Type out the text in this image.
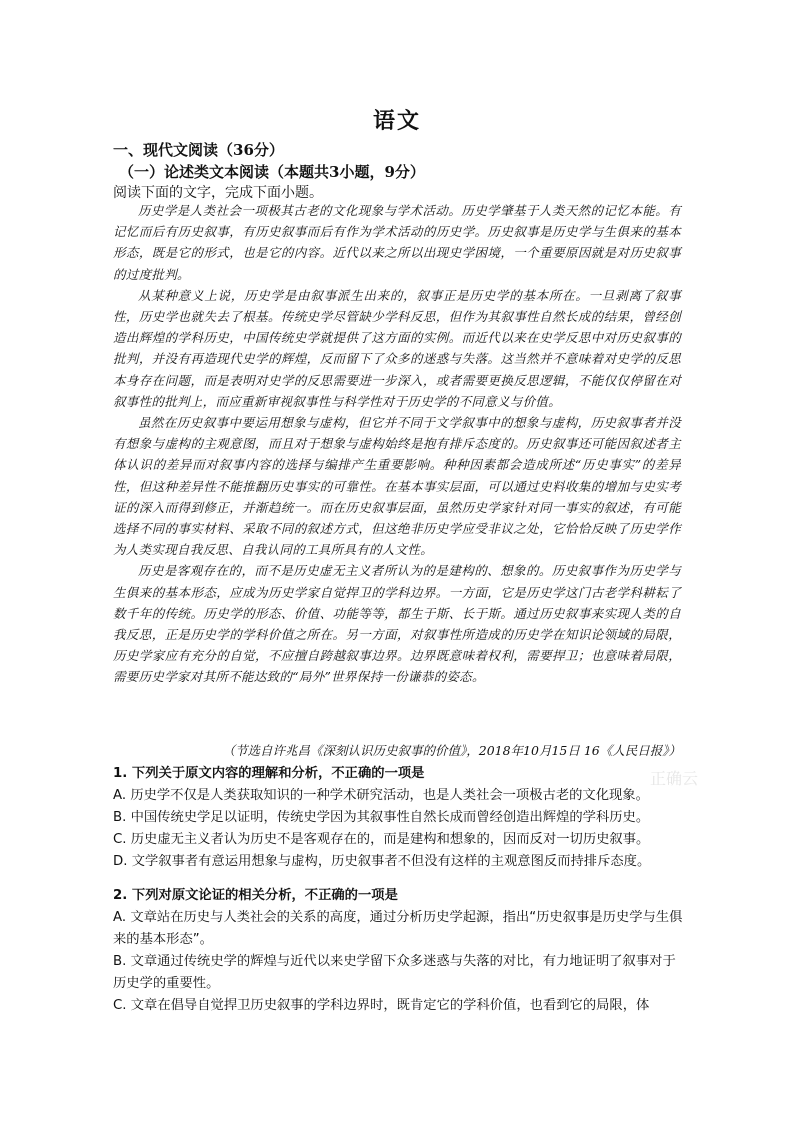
语文
一、现代文阅读（36分）
（一）论述类文本阅读（本题共3小题，9分）
阅读下面的文字，完成下面小题。

历史学是人类社会一项极其古老的文化现象与学术活动。历史学肇基于人类天然的记忆本能。有记忆而后有历史叙事，有历史叙事而后有作为学术活动的历史学。历史叙事是历史学与生俱来的基本形态，既是它的形式，也是它的内容。近代以来之所以出现史学困境，一个重要原因就是对历史叙事的过度批判。

从某种意义上说，历史学是由叙事派生出来的，叙事正是历史学的基本所在。一旦剥离了叙事性，历史学也就失去了根基。传统史学尽管缺少学科反思，但作为其叙事性自然长成的结果，曾经创造出辉煌的学科历史，中国传统史学就提供了这方面的实例。而近代以来在史学反思中对历史叙事的批判，并没有再造现代史学的辉煌，反而留下了众多的迷惑与失落。这当然并不意味着对史学的反思本身存在问题，而是表明对史学的反思需要进一步深入，或者需要更换反思逻辑，不能仅仅停留在对叙事性的批判上，而应重新审视叙事性与科学性对于历史学的不同意义与价值。

虽然在历史叙事中要运用想象与虚构，但它并不同于文学叙事中的想象与虚构，历史叙事者并没有想象与虚构的主观意图，而且对于想象与虚构始终是抱有排斥态度的。历史叙事还可能因叙述者主体认识的差异而对叙事内容的选择与编排产生重要影响。种种因素都会造成所述“历史事实”的差异性，但这种差异性不能推翻历史事实的可靠性。在基本事实层面，可以通过史料收集的增加与史实考证的深入而得到修正，并渐趋统一。而在历史叙事层面，虽然历史学家针对同一事实的叙述，有可能选择不同的事实材料、采取不同的叙述方式，但这绝非历史学应受非议之处，它恰恰反映了历史学作为人类实现自我反思、自我认同的工具所具有的人文性。

历史是客观存在的，而不是历史虚无主义者所认为的是建构的、想象的。历史叙事作为历史学与生俱来的基本形态，应成为历史学家自觉捍卫的学科边界。一方面，它是历史学这门古老学科耕耘了数千年的传统。历史学的形态、价值、功能等等，都生于斯、长于斯。通过历史叙事来实现人类的自我反思，正是历史学的学科价值之所在。另一方面，对叙事性所造成的历史学在知识论领域的局限，历史学家应有充分的自觉，不应擅自跨越叙事边界。边界既意味着权利，需要捍卫；也意味着局限，需要历史学家对其所不能达致的“局外”世界保持一份谦恭的姿态。

（节选自许兆昌《深刻认识历史叙事的价值》，2018年10月15日 16《人民日报》）
正确云
1. 下列关于原文内容的理解和分析，不正确的一项是
A. 历史学不仅是人类获取知识的一种学术研究活动，也是人类社会一项极古老的文化现象。
B. 中国传统史学足以证明，传统史学因为其叙事性自然长成而曾经创造出辉煌的学科历史。
C. 历史虚无主义者认为历史不是客观存在的，而是建构和想象的，因而反对一切历史叙事。
D. 文学叙事者有意运用想象与虚构，历史叙事者不但没有这样的主观意图反而持排斥态度。
2. 下列对原文论证的相关分析，不正确的一项是
A. 文章站在历史与人类社会的关系的高度，通过分析历史学起源，指出“历史叙事是历史学与生俱来的基本形态”。
B. 文章通过传统史学的辉煌与近代以来史学留下众多迷惑与失落的对比，有力地证明了叙事对于历史学的重要性。
C. 文章在倡导自觉捍卫历史叙事的学科边界时，既肯定它的学科价值，也看到它的局限，体
